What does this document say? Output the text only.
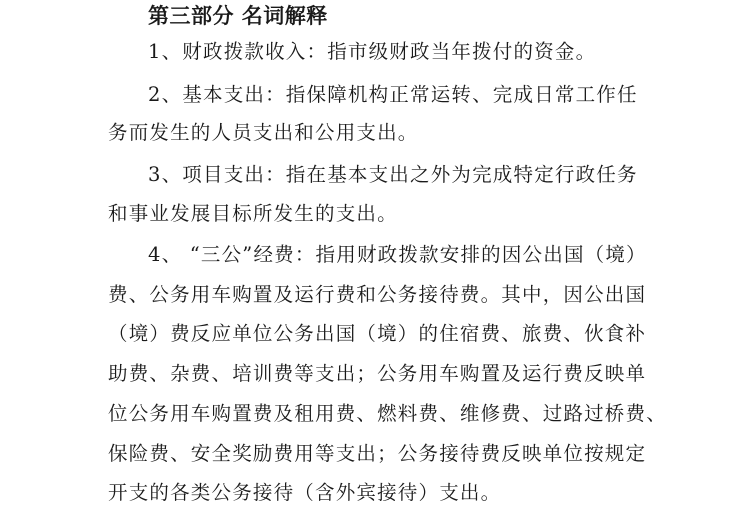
第三部分 名词解释
1、财政拨款收入：指市级财政当年拨付的资金。
2、基本支出：指保障机构正常运转、完成日常工作任
务而发生的人员支出和公用支出。
3、项目支出：指在基本支出之外为完成特定行政任务
和事业发展目标所发生的支出。
4、 “三公”经费：指用财政拨款安排的因公出国（境）
费、公务用车购置及运行费和公务接待费。其中，因公出国
（境）费反应单位公务出国（境）的住宿费、旅费、伙食补
助费、杂费、培训费等支出；公务用车购置及运行费反映单
位公务用车购置费及租用费、燃料费、维修费、过路过桥费、
保险费、安全奖励费用等支出；公务接待费反映单位按规定
开支的各类公务接待（含外宾接待）支出。
